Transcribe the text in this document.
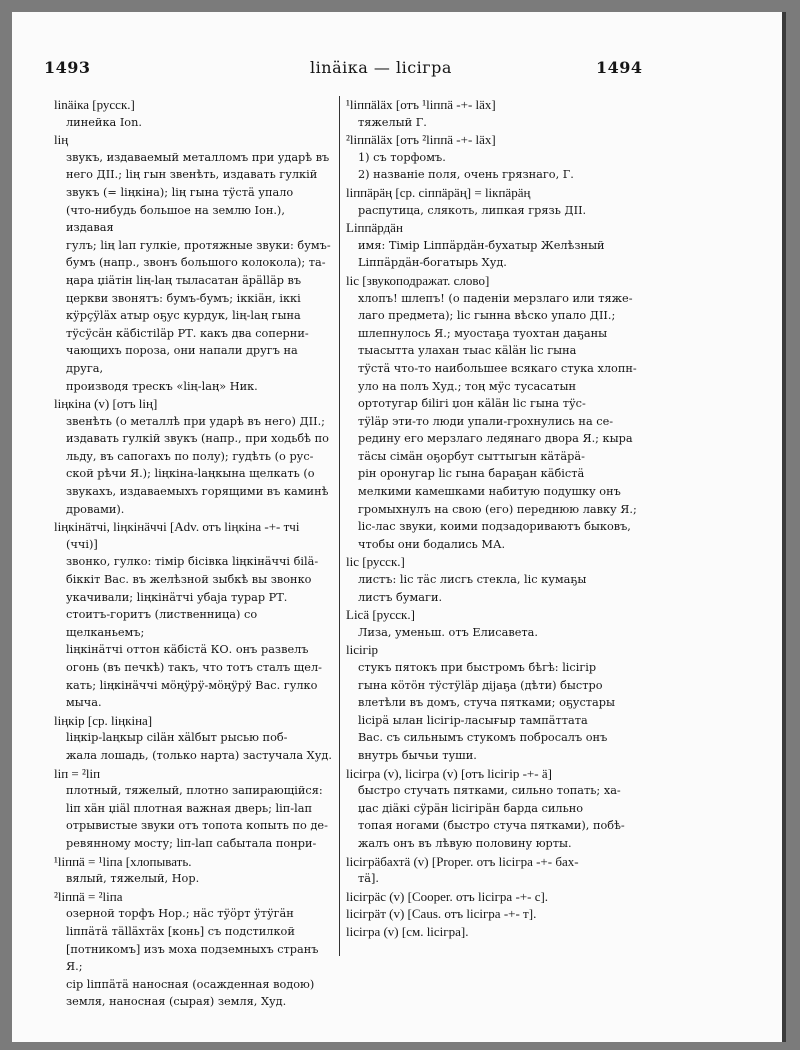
1493	lіnӓіка — lісігра	1494
lіnӓіка [русск.]
линейка Ion.
lің
звукъ, издаваемый металломъ при ударѣ въ
него ДІІ.; lің гын звенѣть, издавать гулкiй
звукъ (= lіңкіна); lің гына тӱстӓ упало
(что-нибудь большое на землю Іон.), издавая
гулъ; lің lап гулкiе, протяжные звуки: бумъ-
бумъ (напр., звонъ большого колокола); та-
ңара џіӓтін lің-lаң тыласатан ӓрӓllӓр въ
церкви звонятъ: бумъ-бумъ; іккіӓн, іккі
кӱрҫӱlӓх атыр оҕус курдук, lің-lаң гына
тӱсӱсӓн кӓбістіlӓр РТ. какъ два соперни-
чающихъ пороза, они напали другъ на друга,
производя трескъ «lің-lаң» Ник.
lіңкіна (v) [отъ lің]
звенѣть (о металлѣ при ударѣ въ него) ДІІ.;
издавать гулкiй звукъ (напр., при ходьбѣ по
льду, въ сапогахъ по полу); гудѣть (о рус-
ской рѣчи Я.); lіңкіна-lаңкына щелкать (о
звукахъ, издаваемыхъ горящими въ каминѣ
дровами).
lіңкінӓтчі, lіңкінӓччі [Adv. отъ lіңкіна -+- тчі
(ччі)]
звонко, гулко: тімір бісівка lіңкінӓччі біlӓ-
біккіт Вас. въ желѣзной зыбкѣ вы звонко
укачивали; lіңкінӓтчі убаја турар РТ.
стоитъ-горитъ (лиственница) со щелканьемъ;
lіңкінӓтчі оттон кӓбістӓ КО. онъ развелъ
огонь (въ печкѣ) такъ, что тотъ сталъ щел-
кать; lіңкінӓччі мӧңӱрӱ-мӧңӱрӱ Вас. гулко
мыча.
lіңкір [ср. lіңкіна]
lіңкір-lаңкыр сіlӓн хӓlбыт рысью поб-
жала лошадь, (только нарта) застучала Худ.
lіп = ²lіп
плотный, тяжелый, плотно запирающiйся:
lіп хӓн џіӓl плотная важная дверь; lіп-lап
отрывистые звуки отъ топота копыть по де-
ревянному мосту; lіп-lап сабытала понри-
¹lіппӓ = ¹lіпа [хлопывать.
вялый, тяжелый, Нор.
²lіппӓ = ²lіпа
озерной торфъ Нор.; нӓс тӱӧрт ӱтӱгӓн
lіппӓтӓ тӓllӓхтӓх [конь] съ подстилкой
[потникомъ] изъ моха подземныхъ странъ Я.;
сір lіппӓтӓ наносная (осажденная водою)
земля, наносная (сырая) земля, Худ.
¹lіппӓlӓх [отъ ¹lіппӓ -+- lӓх]
тяжелый Г.
²lіппӓlӓх [отъ ²lіппӓ -+- lӓх]
1) съ торфомъ.
2) названiе поля, очень грязнаго, Г.
lіппӓрӓң [ср. сіппӓрӓң] = lікпӓрӓң
распутица, слякоть, липкая грязь ДІІ.
Lіппӓрдӓн
имя: Тімір Lіппӓрдӓн-бухатыр Желѣзный
Lіппӓрдӓн-богатырь Худ.
lіс [звукоподражат. слово]
хлопъ! шлепъ! (о паденiи мерзлаго или тяже-
лаго предмета); lіс гынна вѣско упало ДІІ.;
шлепнулось Я.; муостаҕа туохтан даҕаны
тыасытта улахан тыас кӓlӓн lіс гына
тӱстӓ что-то наибольшее всякаго стука хлопн-
уло на полъ Худ.; тоң мӱс тусасатын
ортотугар біlігі џон кӓlӓн lіс гына тӱс-
тӱlӓр эти-то люди упали-грохнулись на се-
редину его мерзлаго ледянаго двора Я.; кыра
тӓсы сімӓн оҕорбут сыттыгын кӓтӓрӓ-
рін оронугар lіс гына бараҕан кӓбістӓ
мелкими камешками набитую подушку онъ
громыхнулъ на свою (его) переднюю лавку Я.;
lіс-лас звуки, коими подзадориваютъ быковъ,
чтобы они бодались МА.
lіс [русск.]
листъ: lіс тӓс лисгь стекла, lіс кумаҕы
листъ бумаги.
Lісӓ [русск.]
Лиза, уменьш. отъ Елисавета.
lісігір
стукъ пятокъ при быстромъ бѣгѣ: lісігір
гына кӧтӧн тӱстӱlӓр діјаҕа (дѣти) быстро
влетѣли въ домъ, стуча пятками; оҕустары
lісірӓ ылан lісігір-ласығыр тампӓттата
Вас. съ сильнымъ стукомъ побросалъ онъ
внутрь бычьи туши.
lісігра (v), lісігра (v) [отъ lісігір -+- ӓ]
быстро стучать пятками, сильно топать; ха-
џас діӓкі сӱрӓн lісігірӓн барда сильно
топая ногами (быстро стуча пятками), побѣ-
жалъ онъ въ лѣвую половину юрты.
lісігрӓбахтӓ (v) [Proper. отъ lісігра -+- бах-
тӓ].
lісігрӓс (v) [Cooper. отъ lісігра -+- с].
lісігрӓт (v) [Caus. отъ lісігра -+- т].
lісігра (v) [см. lісігра].
